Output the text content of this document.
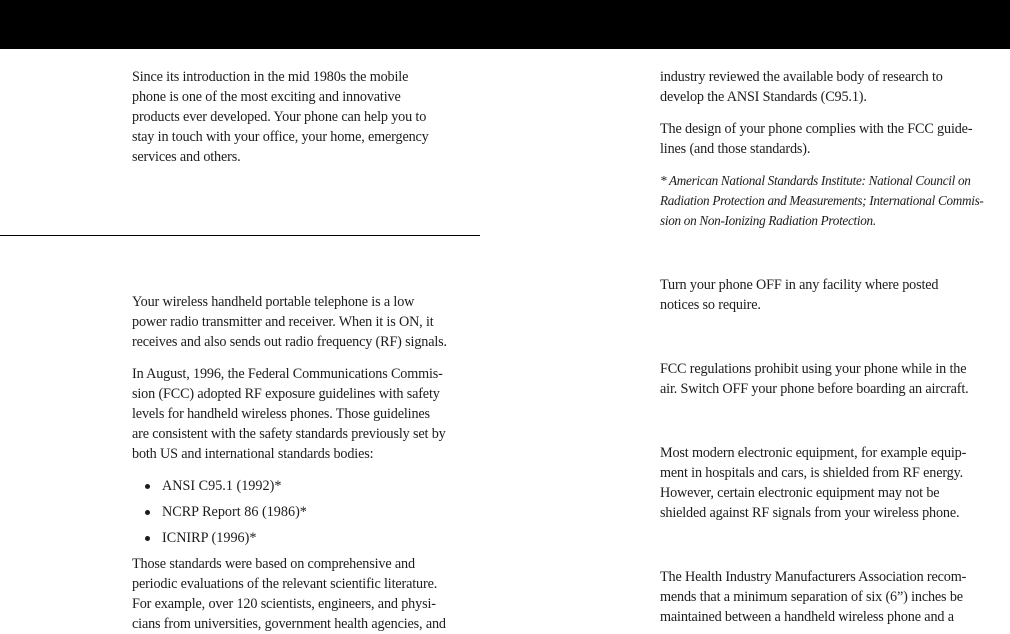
Since its introduction in the mid 1980s the mobile
phone is one of the most exciting and innovative
products ever developed. Your phone can help you to
stay in touch with your office, your home, emergency
services and others.

Your wireless handheld portable telephone is a low
power radio transmitter and receiver. When it is ON, it
receives and also sends out radio frequency (RF) signals.

In August, 1996, the Federal Communications Commis-
sion (FCC) adopted RF exposure guidelines with safety
levels for handheld wireless phones. Those guidelines
are consistent with the safety standards previously set by
both US and international standards bodies:

ANSI C95.1 (1992)*
NCRP Report 86 (1986)*
ICNIRP (1996)*

Those standards were based on comprehensive and
periodic evaluations of the relevant scientific literature.
For example, over 120 scientists, engineers, and physi-
cians from universities, government health agencies, and

industry reviewed the available body of research to
develop the ANSI Standards (C95.1).

The design of your phone complies with the FCC guide-
lines (and those standards).

* American National Standards Institute: National Council on
Radiation Protection and Measurements; International Commis-
sion on Non-Ionizing Radiation Protection.

Turn your phone OFF in any facility where posted
notices so require.

FCC regulations prohibit using your phone while in the
air. Switch OFF your phone before boarding an aircraft.

Most modern electronic equipment, for example equip-
ment in hospitals and cars, is shielded from RF energy.
However, certain electronic equipment may not be
shielded against RF signals from your wireless phone.

The Health Industry Manufacturers Association recom-
mends that a minimum separation of six (6”) inches be
maintained between a handheld wireless phone and a
